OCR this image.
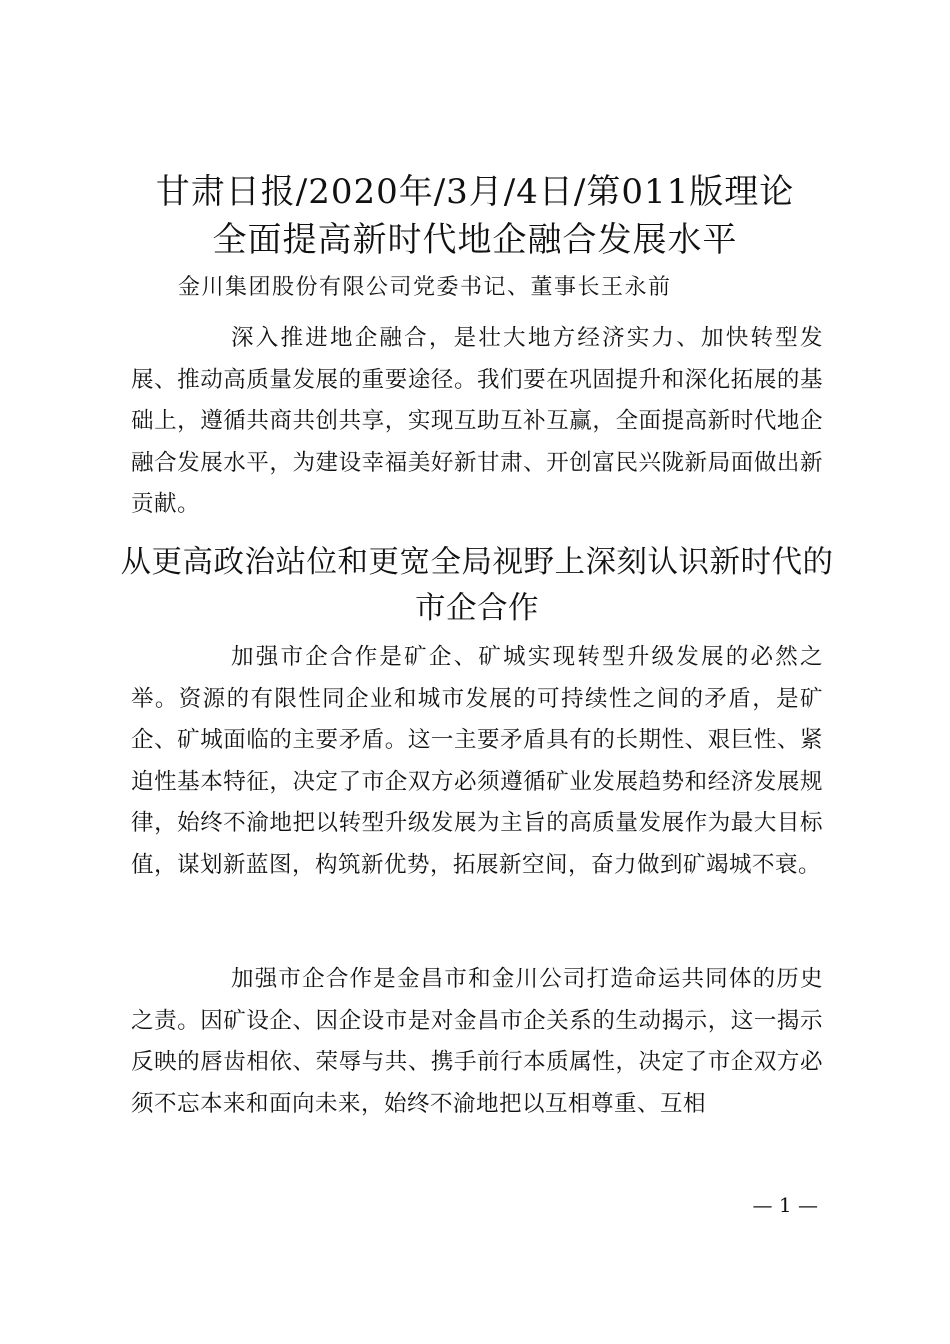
甘肃日报/2020年/3月/4日/第011版理论
全面提高新时代地企融合发展水平
金川集团股份有限公司党委书记、董事长王永前

深入推进地企融合，是壮大地方经济实力、加快转型发展、推动高质量发展的重要途径。我们要在巩固提升和深化拓展的基础上，遵循共商共创共享，实现互助互补互赢，全面提高新时代地企融合发展水平，为建设幸福美好新甘肃、开创富民兴陇新局面做出新贡献。

从更高政治站位和更宽全局视野上深刻认识新时代的市企合作

加强市企合作是矿企、矿城实现转型升级发展的必然之举。资源的有限性同企业和城市发展的可持续性之间的矛盾，是矿企、矿城面临的主要矛盾。这一主要矛盾具有的长期性、艰巨性、紧迫性基本特征，决定了市企双方必须遵循矿业发展趋势和经济发展规律，始终不渝地把以转型升级发展为主旨的高质量发展作为最大目标值，谋划新蓝图，构筑新优势，拓展新空间，奋力做到矿竭城不衰。

加强市企合作是金昌市和金川公司打造命运共同体的历史之责。因矿设企、因企设市是对金昌市企关系的生动揭示，这一揭示反映的唇齿相依、荣辱与共、携手前行本质属性，决定了市企双方必须不忘本来和面向未来，始终不渝地把以互相尊重、互相

— 1 —
